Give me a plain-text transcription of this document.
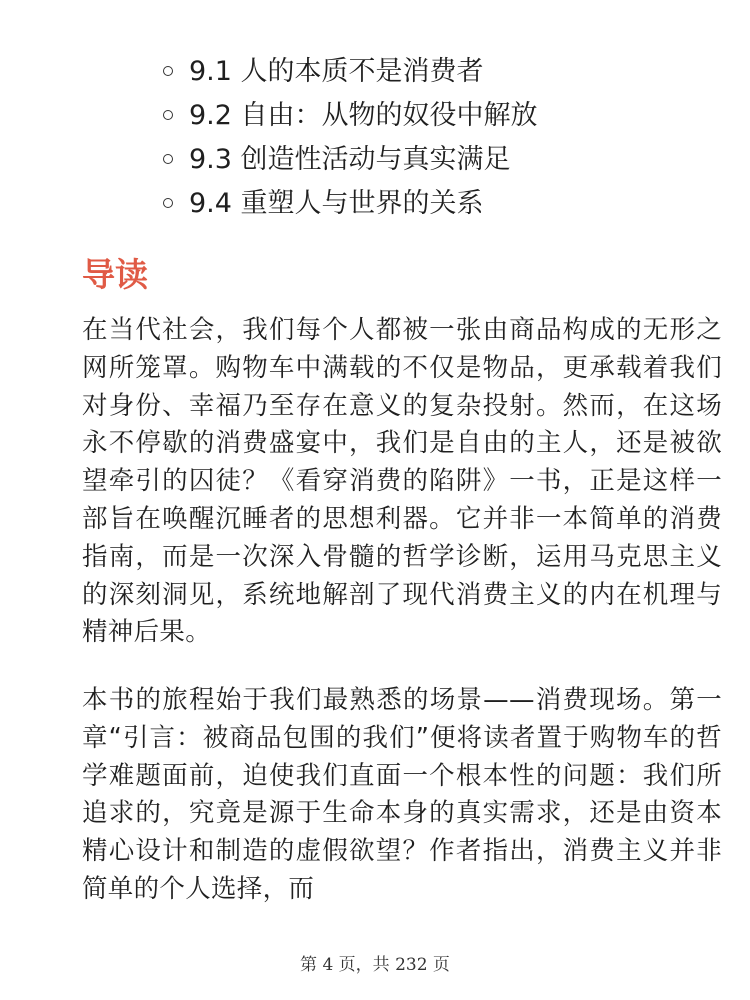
9.1 人的本质不是消费者
9.2 自由：从物的奴役中解放
9.3 创造性活动与真实满足
9.4 重塑人与世界的关系
导读

在当代社会，我们每个人都被一张由商品构成的无形之网所笼罩。购物车中满载的不仅是物品，更承载着我们对身份、幸福乃至存在意义的复杂投射。然而，在这场永不停歇的消费盛宴中，我们是自由的主人，还是被欲望牵引的囚徒？《看穿消费的陷阱》一书，正是这样一部旨在唤醒沉睡者的思想利器。它并非一本简单的消费指南，而是一次深入骨髓的哲学诊断，运用马克思主义的深刻洞见，系统地解剖了现代消费主义的内在机理与精神后果。

本书的旅程始于我们最熟悉的场景——消费现场。第一章“引言：被商品包围的我们”便将读者置于购物车的哲学难题面前，迫使我们直面一个根本性的问题：我们所追求的，究竟是源于生命本身的真实需求，还是由资本精心设计和制造的虚假欲望？作者指出，消费主义并非简单的个人选择，而

第 4 页，共 232 页
